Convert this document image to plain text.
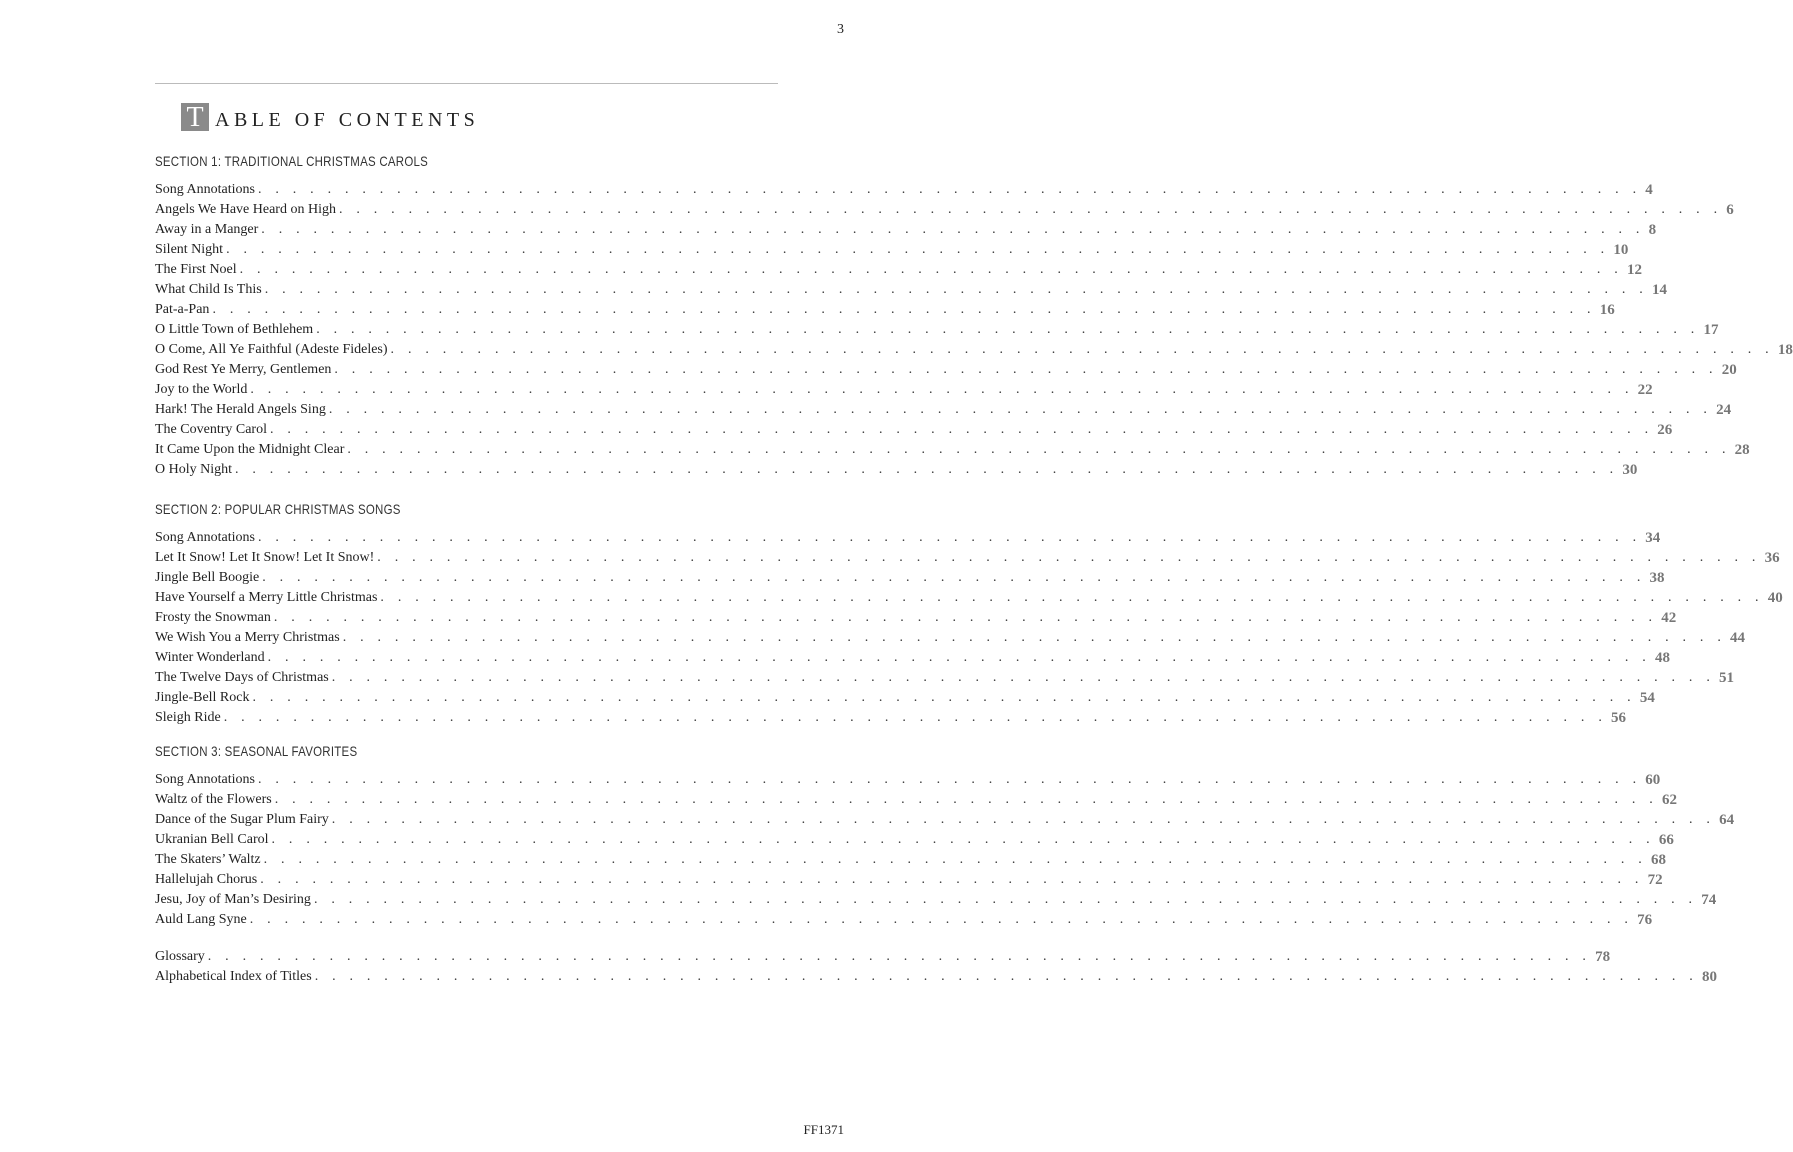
3
T ABLE OF CONTENTS
SECTION 1: TRADITIONAL CHRISTMAS CAROLS
Song Annotations . . . . . . . . . . . . . . . . . . . . . . . . . . . . . . . . . . . . . . . . . . . . . . . . . . . . . . . . . . . . . . . . . . . . . . . . . . . . . . . . 4
Angels We Have Heard on High . . . . . . . . . . . . . . . . . . . . . . . . . . . . . . . . . . . . . . . . . . . . . . . . . . . . . . . . . . . . . . . . . . . . . . . . . . . . . . . . 6
Away in a Manger . . . . . . . . . . . . . . . . . . . . . . . . . . . . . . . . . . . . . . . . . . . . . . . . . . . . . . . . . . . . . . . . . . . . . . . . . . . . . . . . 8
Silent Night . . . . . . . . . . . . . . . . . . . . . . . . . . . . . . . . . . . . . . . . . . . . . . . . . . . . . . . . . . . . . . . . . . . . . . . . . . . . . . . . 10
The First Noel . . . . . . . . . . . . . . . . . . . . . . . . . . . . . . . . . . . . . . . . . . . . . . . . . . . . . . . . . . . . . . . . . . . . . . . . . . . . . . . . 12
What Child Is This . . . . . . . . . . . . . . . . . . . . . . . . . . . . . . . . . . . . . . . . . . . . . . . . . . . . . . . . . . . . . . . . . . . . . . . . . . . . . . . . 14
Pat-a-Pan . . . . . . . . . . . . . . . . . . . . . . . . . . . . . . . . . . . . . . . . . . . . . . . . . . . . . . . . . . . . . . . . . . . . . . . . . . . . . . . . 16
O Little Town of Bethlehem . . . . . . . . . . . . . . . . . . . . . . . . . . . . . . . . . . . . . . . . . . . . . . . . . . . . . . . . . . . . . . . . . . . . . . . . . . . . . . . . 17
O Come, All Ye Faithful (Adeste Fideles) . . . . . . . . . . . . . . . . . . . . . . . . . . . . . . . . . . . . . . . . . . . . . . . . . . . . . . . . . . . . . . . . . . . . . . . . . . . . . . . . 18
God Rest Ye Merry, Gentlemen . . . . . . . . . . . . . . . . . . . . . . . . . . . . . . . . . . . . . . . . . . . . . . . . . . . . . . . . . . . . . . . . . . . . . . . . . . . . . . . . 20
Joy to the World . . . . . . . . . . . . . . . . . . . . . . . . . . . . . . . . . . . . . . . . . . . . . . . . . . . . . . . . . . . . . . . . . . . . . . . . . . . . . . . . 22
Hark! The Herald Angels Sing . . . . . . . . . . . . . . . . . . . . . . . . . . . . . . . . . . . . . . . . . . . . . . . . . . . . . . . . . . . . . . . . . . . . . . . . . . . . . . . . 24
The Coventry Carol . . . . . . . . . . . . . . . . . . . . . . . . . . . . . . . . . . . . . . . . . . . . . . . . . . . . . . . . . . . . . . . . . . . . . . . . . . . . . . . . 26
It Came Upon the Midnight Clear . . . . . . . . . . . . . . . . . . . . . . . . . . . . . . . . . . . . . . . . . . . . . . . . . . . . . . . . . . . . . . . . . . . . . . . . . . . . . . . . 28
O Holy Night . . . . . . . . . . . . . . . . . . . . . . . . . . . . . . . . . . . . . . . . . . . . . . . . . . . . . . . . . . . . . . . . . . . . . . . . . . . . . . . . 30
SECTION 2: POPULAR CHRISTMAS SONGS
Song Annotations . . . . . . . . . . . . . . . . . . . . . . . . . . . . . . . . . . . . . . . . . . . . . . . . . . . . . . . . . . . . . . . . . . . . . . . . . . . . . . . . 34
Let It Snow! Let It Snow! Let It Snow! . . . . . . . . . . . . . . . . . . . . . . . . . . . . . . . . . . . . . . . . . . . . . . . . . . . . . . . . . . . . . . . . . . . . . . . . . . . . . . . . 36
Jingle Bell Boogie . . . . . . . . . . . . . . . . . . . . . . . . . . . . . . . . . . . . . . . . . . . . . . . . . . . . . . . . . . . . . . . . . . . . . . . . . . . . . . . . 38
Have Yourself a Merry Little Christmas . . . . . . . . . . . . . . . . . . . . . . . . . . . . . . . . . . . . . . . . . . . . . . . . . . . . . . . . . . . . . . . . . . . . . . . . . . . . . . . . 40
Frosty the Snowman . . . . . . . . . . . . . . . . . . . . . . . . . . . . . . . . . . . . . . . . . . . . . . . . . . . . . . . . . . . . . . . . . . . . . . . . . . . . . . . . 42
We Wish You a Merry Christmas . . . . . . . . . . . . . . . . . . . . . . . . . . . . . . . . . . . . . . . . . . . . . . . . . . . . . . . . . . . . . . . . . . . . . . . . . . . . . . . . 44
Winter Wonderland . . . . . . . . . . . . . . . . . . . . . . . . . . . . . . . . . . . . . . . . . . . . . . . . . . . . . . . . . . . . . . . . . . . . . . . . . . . . . . . . 48
The Twelve Days of Christmas . . . . . . . . . . . . . . . . . . . . . . . . . . . . . . . . . . . . . . . . . . . . . . . . . . . . . . . . . . . . . . . . . . . . . . . . . . . . . . . . 51
Jingle-Bell Rock . . . . . . . . . . . . . . . . . . . . . . . . . . . . . . . . . . . . . . . . . . . . . . . . . . . . . . . . . . . . . . . . . . . . . . . . . . . . . . . . 54
Sleigh Ride . . . . . . . . . . . . . . . . . . . . . . . . . . . . . . . . . . . . . . . . . . . . . . . . . . . . . . . . . . . . . . . . . . . . . . . . . . . . . . . . 56
SECTION 3: SEASONAL FAVORITES
Song Annotations . . . . . . . . . . . . . . . . . . . . . . . . . . . . . . . . . . . . . . . . . . . . . . . . . . . . . . . . . . . . . . . . . . . . . . . . . . . . . . . . 60
Waltz of the Flowers . . . . . . . . . . . . . . . . . . . . . . . . . . . . . . . . . . . . . . . . . . . . . . . . . . . . . . . . . . . . . . . . . . . . . . . . . . . . . . . . 62
Dance of the Sugar Plum Fairy . . . . . . . . . . . . . . . . . . . . . . . . . . . . . . . . . . . . . . . . . . . . . . . . . . . . . . . . . . . . . . . . . . . . . . . . . . . . . . . . 64
Ukranian Bell Carol . . . . . . . . . . . . . . . . . . . . . . . . . . . . . . . . . . . . . . . . . . . . . . . . . . . . . . . . . . . . . . . . . . . . . . . . . . . . . . . . 66
The Skaters’ Waltz . . . . . . . . . . . . . . . . . . . . . . . . . . . . . . . . . . . . . . . . . . . . . . . . . . . . . . . . . . . . . . . . . . . . . . . . . . . . . . . . 68
Hallelujah Chorus . . . . . . . . . . . . . . . . . . . . . . . . . . . . . . . . . . . . . . . . . . . . . . . . . . . . . . . . . . . . . . . . . . . . . . . . . . . . . . . . 72
Jesu, Joy of Man’s Desiring . . . . . . . . . . . . . . . . . . . . . . . . . . . . . . . . . . . . . . . . . . . . . . . . . . . . . . . . . . . . . . . . . . . . . . . . . . . . . . . . 74
Auld Lang Syne . . . . . . . . . . . . . . . . . . . . . . . . . . . . . . . . . . . . . . . . . . . . . . . . . . . . . . . . . . . . . . . . . . . . . . . . . . . . . . . . 76
Glossary . . . . . . . . . . . . . . . . . . . . . . . . . . . . . . . . . . . . . . . . . . . . . . . . . . . . . . . . . . . . . . . . . . . . . . . . . . . . . . . . 78
Alphabetical Index of Titles . . . . . . . . . . . . . . . . . . . . . . . . . . . . . . . . . . . . . . . . . . . . . . . . . . . . . . . . . . . . . . . . . . . . . . . . . . . . . . . . 80
FF1371
